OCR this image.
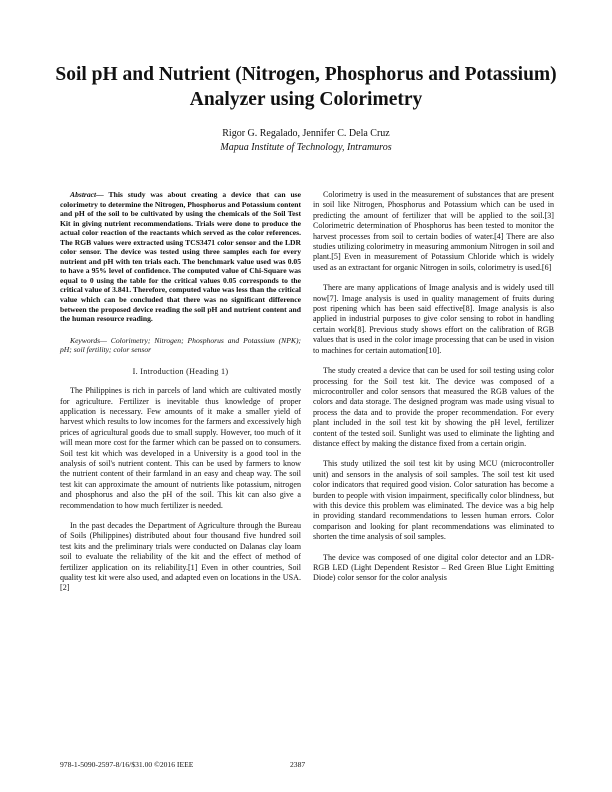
Soil pH and Nutrient (Nitrogen, Phosphorus and Potassium) Analyzer using Colorimetry
Rigor G. Regalado, Jennifer C. Dela Cruz
Mapua Institute of Technology, Intramuros

Abstract— This study was about creating a device that can use colorimetry to determine the Nitrogen, Phosphorus and Potassium content and pH of the soil to be cultivated by using the chemicals of the Soil Test Kit in giving nutrient recommendations. Trials were done to produce the actual color reaction of the reactants which served as the color references. The RGB values were extracted using TCS3471 color sensor and the LDR color sensor. The device was tested using three samples each for every nutrient and pH with ten trials each. The benchmark value used was 0.05 to have a 95% level of confidence. The computed value of Chi-Square was equal to 0 using the table for the critical values 0.05 corresponds to the critical value of 3.841. Therefore, computed value was less than the critical value which can be concluded that there was no significant difference between the proposed device reading the soil pH and nutrient content and the human resource reading.

Keywords— Colorimetry; Nitrogen; Phosphorus and Potassium (NPK); pH; soil fertility; color sensor

I. Introduction (Heading 1)

The Philippines is rich in parcels of land which are cultivated mostly for agriculture. Fertilizer is inevitable thus knowledge of proper application is necessary. Few amounts of it make a smaller yield of harvest which results to low incomes for the farmers and excessively high prices of agricultural goods due to small supply. However, too much of it will mean more cost for the farmer which can be passed on to consumers. Soil test kit which was developed in a University is a good tool in the analysis of soil's nutrient content. This can be used by farmers to know the nutrient content of their farmland in an easy and cheap way. The soil test kit can approximate the amount of nutrients like potassium, nitrogen and phosphorus and also the pH of the soil. This kit can also give a recommendation to how much fertilizer is needed.

In the past decades the Department of Agriculture through the Bureau of Soils (Philippines) distributed about four thousand five hundred soil test kits and the preliminary trials were conducted on Dalanas clay loam soil to evaluate the reliability of the kit and the effect of method of fertilizer application on its reliability.[1] Even in other countries, Soil quality test kit were also used, and adapted even on locations in the USA.[2]

Colorimetry is used in the measurement of substances that are present in soil like Nitrogen, Phosphorus and Potassium which can be used in predicting the amount of fertilizer that will be applied to the soil.[3] Colorimetric determination of Phosphorus has been tested to monitor the harvest processes from soil to certain bodies of water.[4] There are also studies utilizing colorimetry in measuring ammonium Nitrogen in soil and plant.[5] Even in measurement of Potassium Chloride which is widely used as an extractant for organic Nitrogen in soils, colorimetry is used.[6]

There are many applications of Image analysis and is widely used till now[7]. Image analysis is used in quality management of fruits during post ripening which has been said effective[8]. Image analysis is also applied in industrial purposes to give color sensing to robot in handling certain work[8]. Previous study shows effort on the calibration of RGB values that is used in the color image processing that can be used in vision to machines for certain automation[10].

The study created a device that can be used for soil testing using color processing for the Soil test kit. The device was composed of a microcontroller and color sensors that measured the RGB values of the colors and data storage. The designed program was made using visual to process the data and to provide the proper recommendation. For every plant included in the soil test kit by showing the pH level, fertilizer content of the tested soil. Sunlight was used to eliminate the lighting and distance effect by making the distance fixed from a certain origin.

This study utilized the soil test kit by using MCU (microcontroller unit) and sensors in the analysis of soil samples. The soil test kit used color indicators that required good vision. Color saturation has become a burden to people with vision impairment, specifically color blindness, but with this device this problem was eliminated. The device was a big help in providing standard recommendations to lessen human errors. Color comparison and looking for plant recommendations was eliminated to shorten the time analysis of soil samples.

The device was composed of one digital color detector and an LDR-RGB LED (Light Dependent Resistor – Red Green Blue Light Emitting Diode) color sensor for the color analysis

978-1-5090-2597-8/16/$31.00 ©2016 IEEE	2387
